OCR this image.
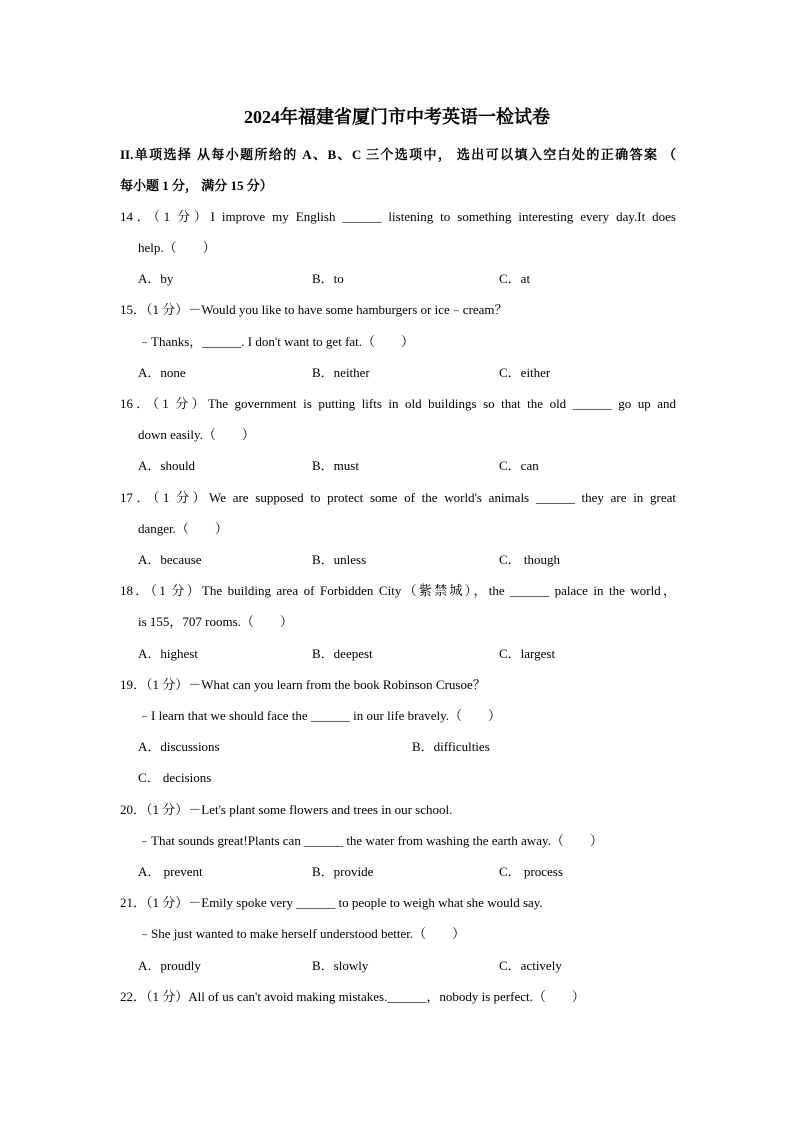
2024年福建省厦门市中考英语一检试卷
II.单项选择 从每小题所给的 A、B、C 三个选项中， 选出可以填入空白处的正确答案 （
每小题 1 分， 满分 15 分）
14．（1 分）I improve my English ______ listening to something interesting every day.It does
help.（　　）
A．by	B．to	C．at
15．（1 分）－Would you like to have some hamburgers or ice﹣cream？
﹣Thanks，______. I don't want to get fat.（　　）
A．none	B．neither	C．either
16．（1 分）The government is putting lifts in old buildings so that the old ______ go up and
down easily.（　　）
A．should	B．must	C．can
17．（1 分）We are supposed to protect some of the world's animals ______ they are in great
danger.（　　）
A．because	B．unless	C． though
18．（1 分）The building area of Forbidden City（紫禁城），the ______ palace in the world，
is 155，707 rooms.（　　）
A．highest	B．deepest	C．largest
19．（1 分）－What can you learn from the book Robinson Crusoe？
﹣I learn that we should face the ______ in our life bravely.（　　）
A．discussions	B．difficulties
C． decisions
20．（1 分）－Let's plant some flowers and trees in our school.
﹣That sounds great!Plants can ______ the water from washing the earth away.（　　）
A． prevent	B．provide	C． process
21．（1 分）－Emily spoke very ______ to people to weigh what she would say.
﹣She just wanted to make herself understood better.（　　）
A．proudly	B．slowly	C．actively
22．（1 分）All of us can't avoid making mistakes.______，nobody is perfect.（　　）
